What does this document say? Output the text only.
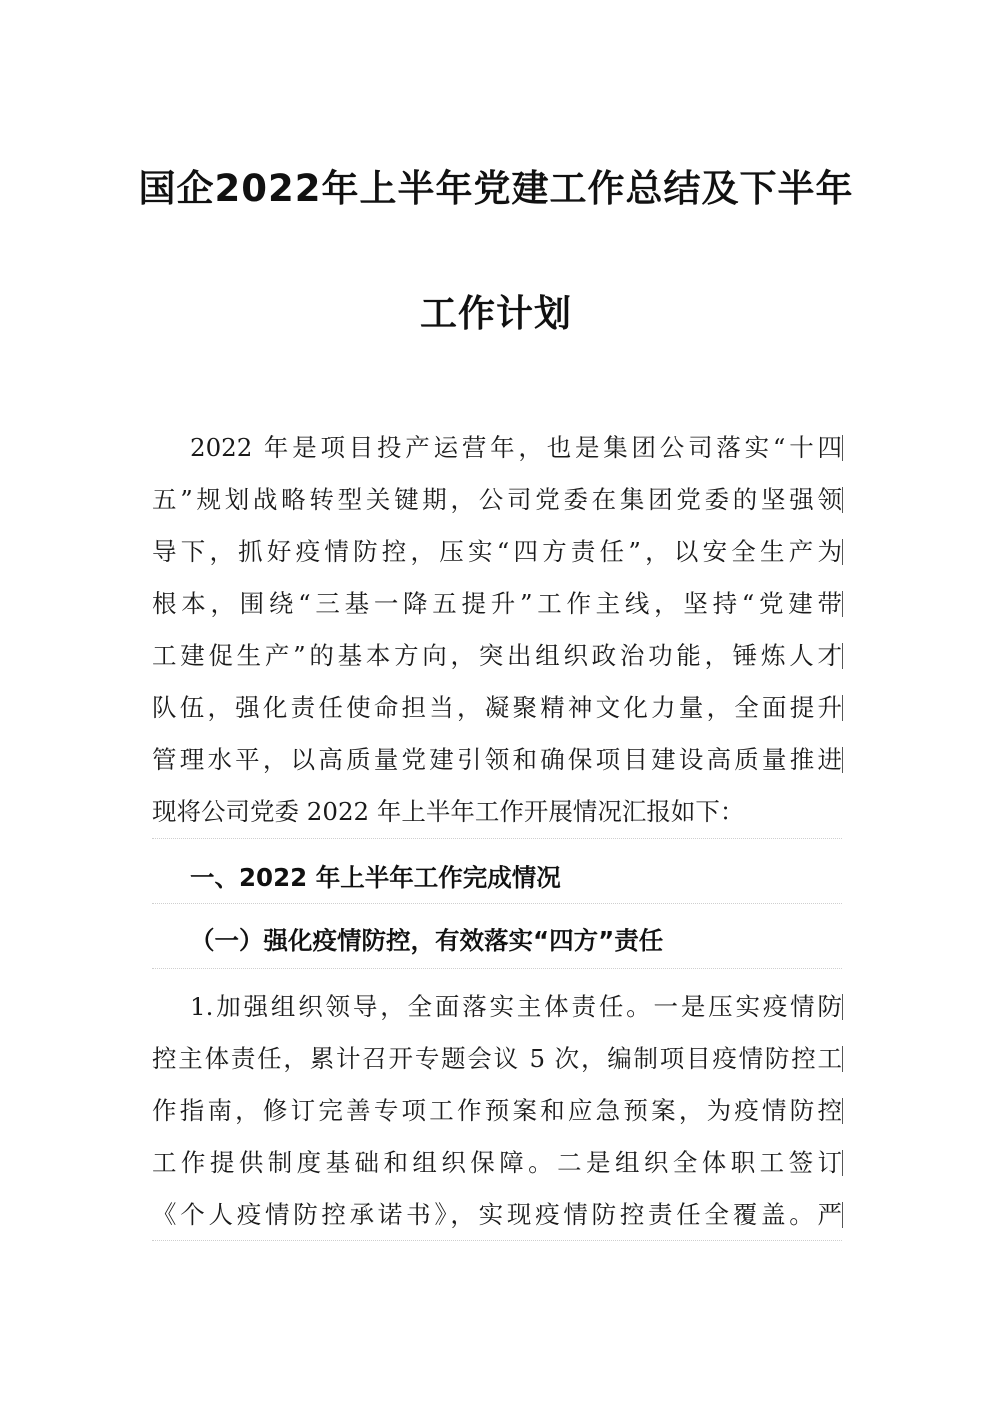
国企2022年上半年党建工作总结及下半年
工作计划
2022 年是项目投产运营年，也是集团公司落实“十四
五”规划战略转型关键期，公司党委在集团党委的坚强领
导下，抓好疫情防控，压实“四方责任”，以安全生产为
根本，围绕“三基一降五提升”工作主线，坚持“党建带
工建促生产”的基本方向，突出组织政治功能，锤炼人才
队伍，强化责任使命担当，凝聚精神文化力量，全面提升
管理水平，以高质量党建引领和确保项目建设高质量推进
现将公司党委 2022 年上半年工作开展情况汇报如下：
一、2022 年上半年工作完成情况
（一）强化疫情防控，有效落实“四方”责任
1.加强组织领导，全面落实主体责任。一是压实疫情防
控主体责任，累计召开专题会议 5 次，编制项目疫情防控工
作指南，修订完善专项工作预案和应急预案，为疫情防控
工作提供制度基础和组织保障。二是组织全体职工签订
《个人疫情防控承诺书》，实现疫情防控责任全覆盖。严
